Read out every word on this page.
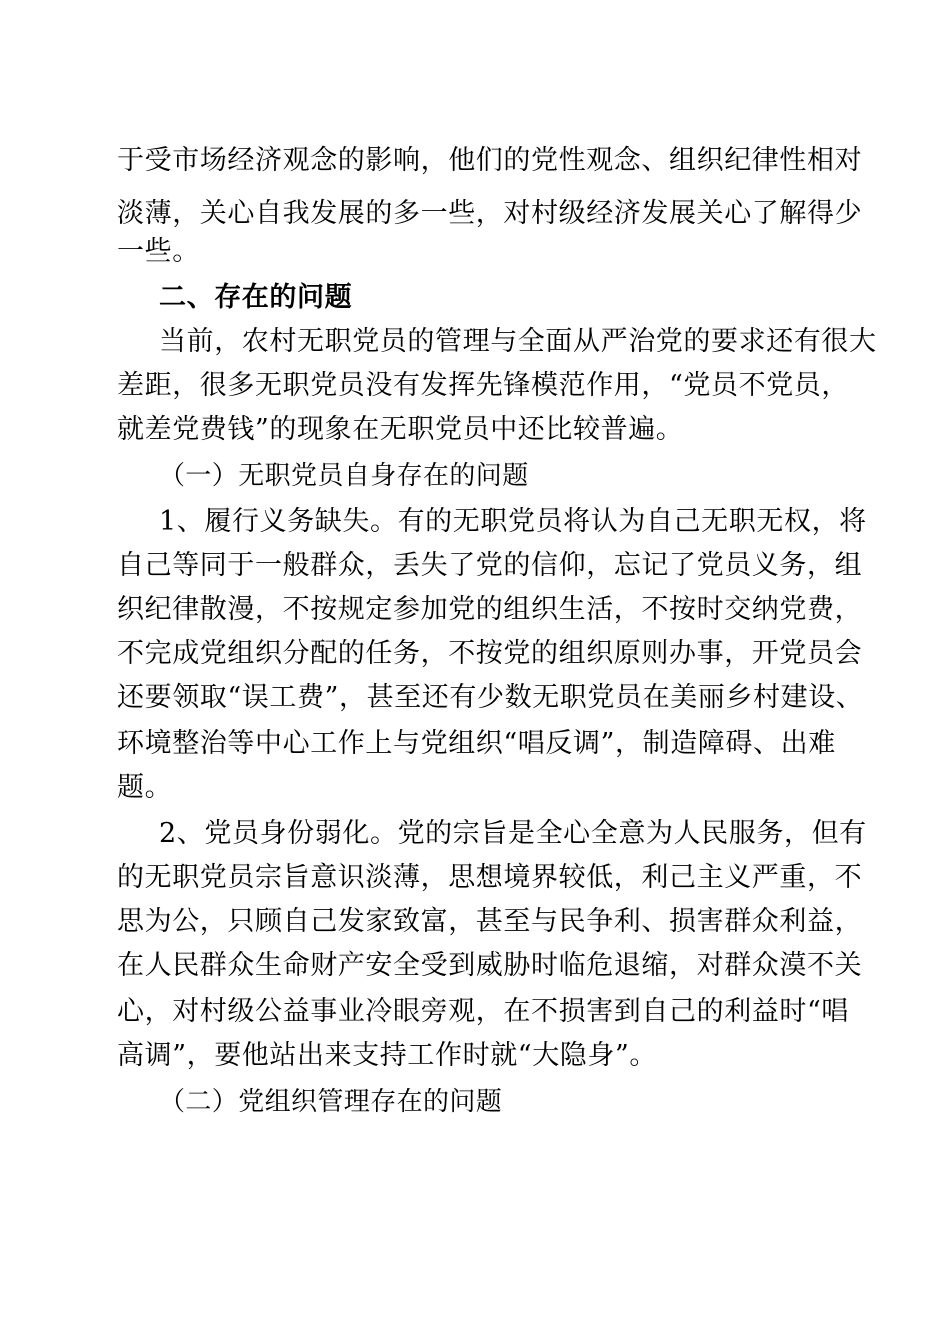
于受市场经济观念的影响，他们的党性观念、组织纪律性相对
淡薄，关心自我发展的多一些，对村级经济发展关心了解得少
一些。
二、存在的问题
当前，农村无职党员的管理与全面从严治党的要求还有很大
差距，很多无职党员没有发挥先锋模范作用，“党员不党员，
就差党费钱”的现象在无职党员中还比较普遍。
（一）无职党员自身存在的问题
1、履行义务缺失。有的无职党员将认为自己无职无权，将
自己等同于一般群众，丢失了党的信仰，忘记了党员义务，组
织纪律散漫，不按规定参加党的组织生活，不按时交纳党费，
不完成党组织分配的任务，不按党的组织原则办事，开党员会
还要领取“误工费”，甚至还有少数无职党员在美丽乡村建设、
环境整治等中心工作上与党组织“唱反调”，制造障碍、出难
题。
2、党员身份弱化。党的宗旨是全心全意为人民服务，但有
的无职党员宗旨意识淡薄，思想境界较低，利己主义严重，不
思为公，只顾自己发家致富，甚至与民争利、损害群众利益，
在人民群众生命财产安全受到威胁时临危退缩，对群众漠不关
心，对村级公益事业冷眼旁观，在不损害到自己的利益时“唱
高调”，要他站出来支持工作时就“大隐身”。
（二）党组织管理存在的问题
